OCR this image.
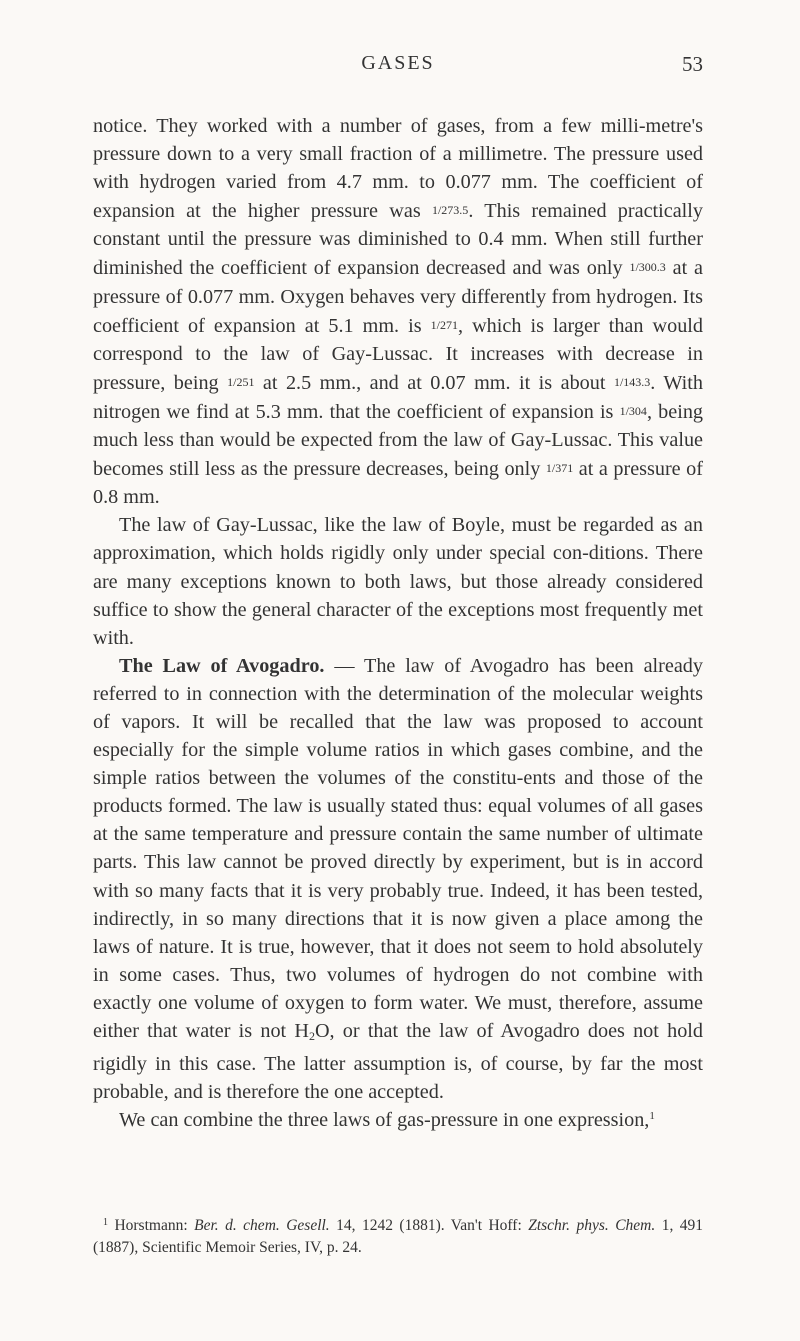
GASES	53

notice. They worked with a number of gases, from a few milli-metre's pressure down to a very small fraction of a millimetre. The pressure used with hydrogen varied from 4.7 mm. to 0.077 mm. The coefficient of expansion at the higher pressure was 1/273.5. This remained practically constant until the pressure was diminished to 0.4 mm. When still further diminished the coefficient of expansion decreased and was only 1/300.3 at a pressure of 0.077 mm. Oxygen behaves very differently from hydrogen. Its coefficient of expansion at 5.1 mm. is 1/271, which is larger than would correspond to the law of Gay-Lussac. It increases with decrease in pressure, being 1/251 at 2.5 mm., and at 0.07 mm. it is about 1/143.3. With nitrogen we find at 5.3 mm. that the coefficient of expansion is 1/304, being much less than would be expected from the law of Gay-Lussac. This value becomes still less as the pressure decreases, being only 1/371 at a pressure of 0.8 mm.

The law of Gay-Lussac, like the law of Boyle, must be regarded as an approximation, which holds rigidly only under special con-ditions. There are many exceptions known to both laws, but those already considered suffice to show the general character of the exceptions most frequently met with.

The Law of Avogadro. — The law of Avogadro has been already referred to in connection with the determination of the molecular weights of vapors. It will be recalled that the law was proposed to account especially for the simple volume ratios in which gases combine, and the simple ratios between the volumes of the constitu-ents and those of the products formed. The law is usually stated thus: equal volumes of all gases at the same temperature and pressure contain the same number of ultimate parts. This law cannot be proved directly by experiment, but is in accord with so many facts that it is very probably true. Indeed, it has been tested, indirectly, in so many directions that it is now given a place among the laws of nature. It is true, however, that it does not seem to hold absolutely in some cases. Thus, two volumes of hydrogen do not combine with exactly one volume of oxygen to form water. We must, therefore, assume either that water is not $H_2O$, or that the law of Avogadro does not hold rigidly in this case. The latter assumption is, of course, by far the most probable, and is therefore the one accepted.

We can combine the three laws of gas-pressure in one expression,$^1$

$^1$ Horstmann: Ber. d. chem. Gesell. 14, 1242 (1881). Van't Hoff: Ztschr. phys. Chem. 1, 491 (1887), Scientific Memoir Series, IV, p. 24.
